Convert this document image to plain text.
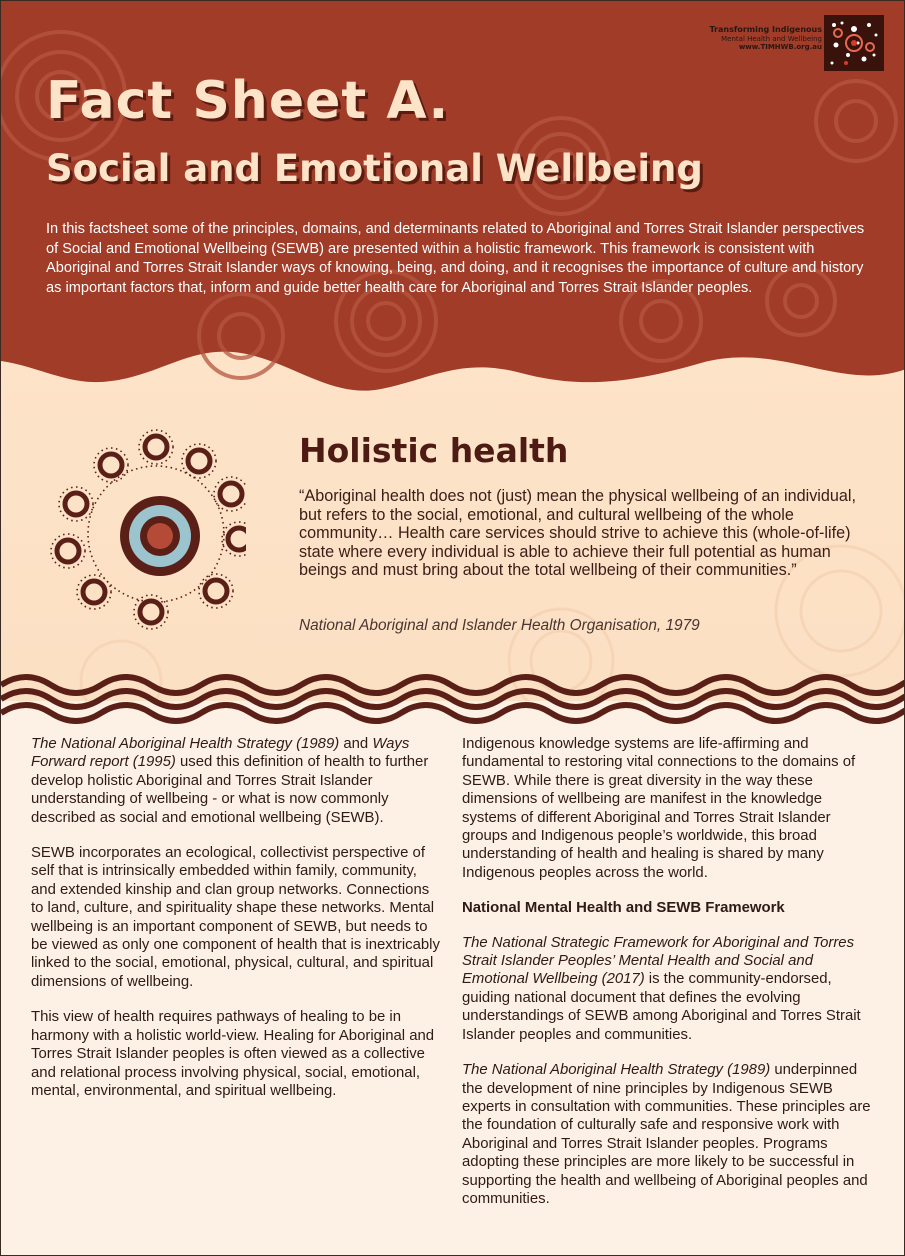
Transforming Indigenous
Mental Health and Wellbeing
www.TIMHWB.org.au
Fact Sheet A.
Social and Emotional Wellbeing

In this factsheet some of the principles, domains, and determinants related to Aboriginal and Torres Strait Islander perspectives of Social and Emotional Wellbeing (SEWB) are presented within a holistic framework. This framework is consistent with Aboriginal and Torres Strait Islander ways of knowing, being, and doing, and it recognises the importance of culture and history as important factors that, inform and guide better health care for Aboriginal and Torres Strait Islander peoples.

Holistic health

“Aboriginal health does not (just) mean the physical wellbeing of an individual, but refers to the social, emotional, and cultural wellbeing of the whole community… Health care services should strive to achieve this (whole-of-life) state where every individual is able to achieve their full potential as human beings and must bring about the total wellbeing of their communities.”

National Aboriginal and Islander Health Organisation, 1979

The National Aboriginal Health Strategy (1989) and Ways Forward report (1995) used this definition of health to further develop holistic Aboriginal and Torres Strait Islander understanding of wellbeing - or what is now commonly described as social and emotional wellbeing (SEWB).

SEWB incorporates an ecological, collectivist perspective of self that is intrinsically embedded within family, community, and extended kinship and clan group networks. Connections to land, culture, and spirituality shape these networks. Mental wellbeing is an important component of SEWB, but needs to be viewed as only one component of health that is inextricably linked to the social, emotional, physical, cultural, and spiritual dimensions of wellbeing.

This view of health requires pathways of healing to be in harmony with a holistic world-view. Healing for Aboriginal and Torres Strait Islander peoples is often viewed as a collective and relational process involving physical, social, emotional, mental, environmental, and spiritual wellbeing.

Indigenous knowledge systems are life-affirming and fundamental to restoring vital connections to the domains of SEWB. While there is great diversity in the way these dimensions of wellbeing are manifest in the knowledge systems of different Aboriginal and Torres Strait Islander groups and Indigenous people’s worldwide, this broad understanding of health and healing is shared by many Indigenous peoples across the world.

National Mental Health and SEWB Framework

The National Strategic Framework for Aboriginal and Torres Strait Islander Peoples’ Mental Health and Social and Emotional Wellbeing (2017) is the community-endorsed, guiding national document that defines the evolving understandings of SEWB among Aboriginal and Torres Strait Islander peoples and communities.

The National Aboriginal Health Strategy (1989) underpinned the development of nine principles by Indigenous SEWB experts in consultation with communities. These principles are the foundation of culturally safe and responsive work with Aboriginal and Torres Strait Islander peoples. Programs adopting these principles are more likely to be successful in supporting the health and wellbeing of Aboriginal peoples and communities.
